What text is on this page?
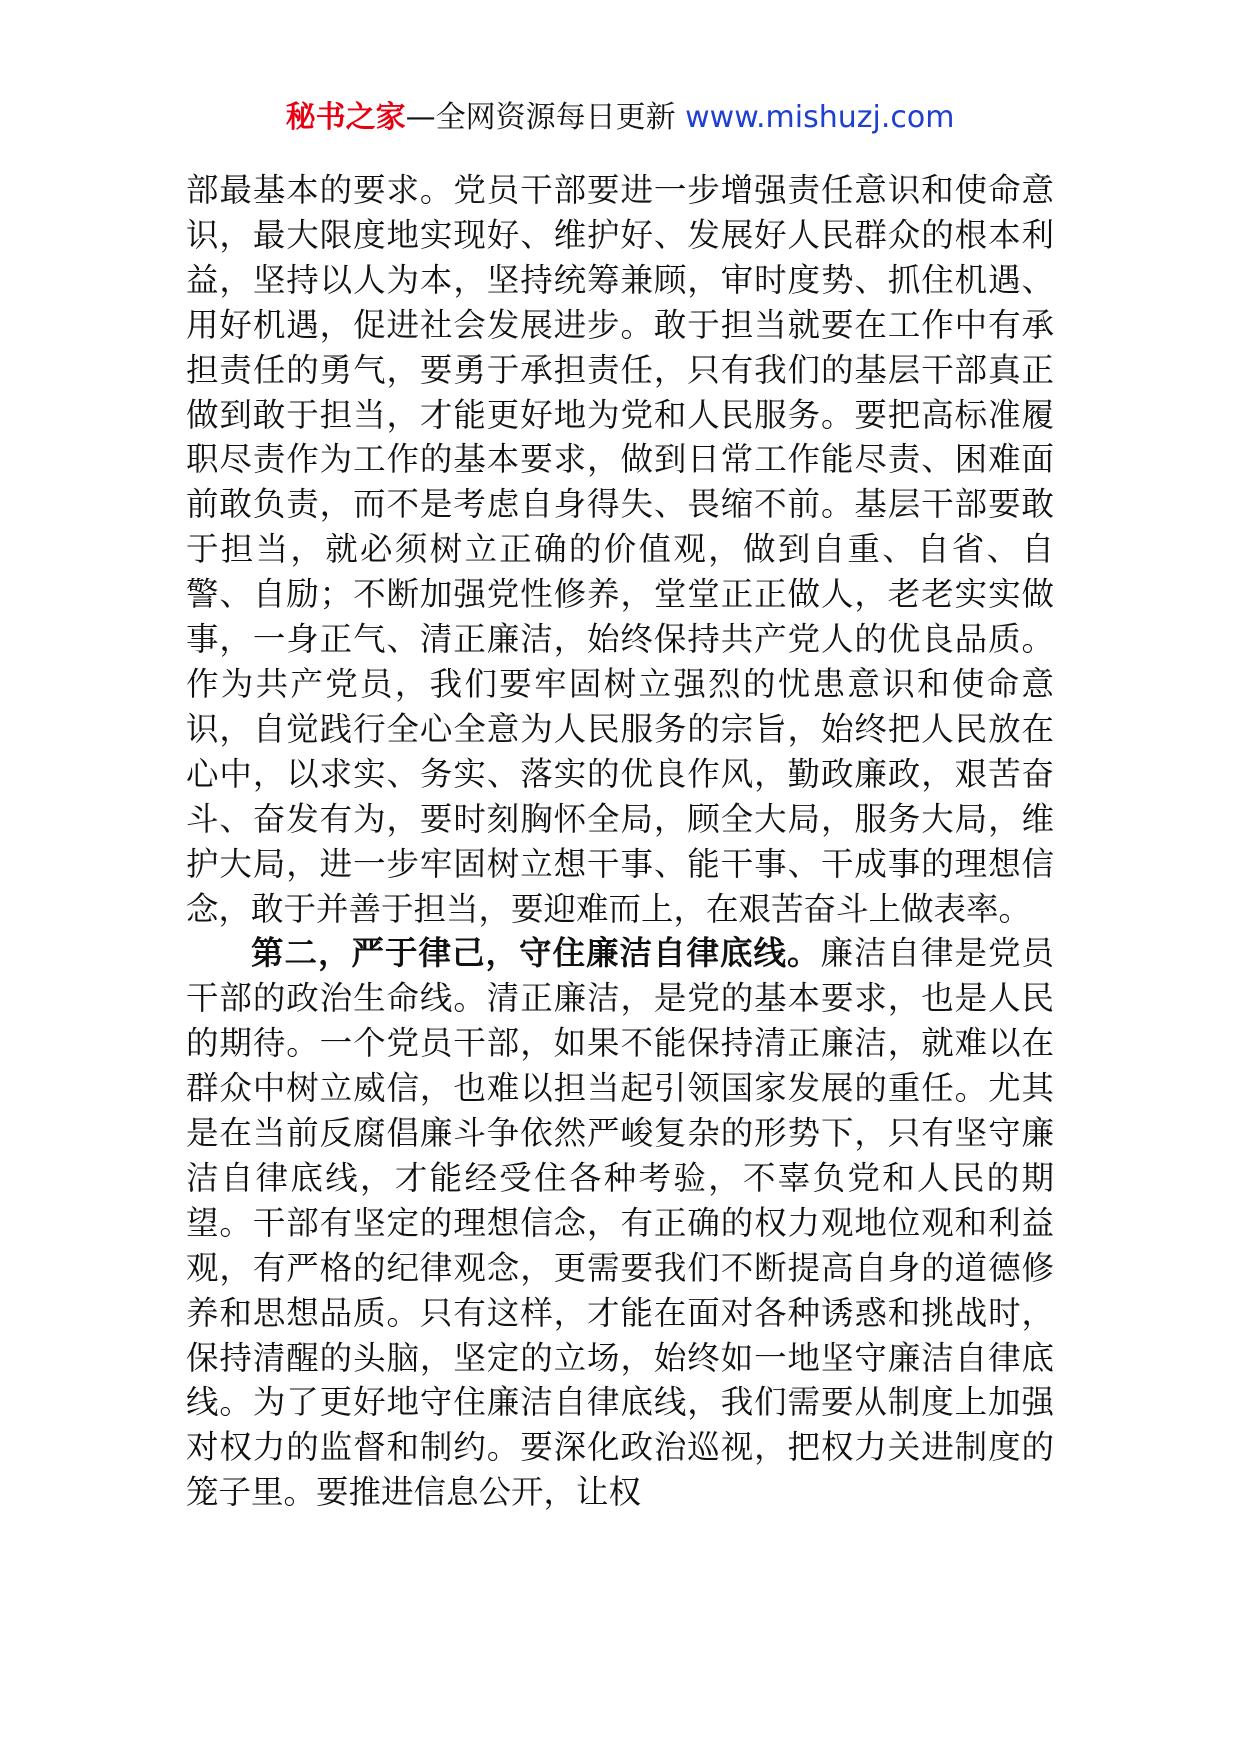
秘书之家—全网资源每日更新 www.mishuzj.com

部最基本的要求。党员干部要进一步增强责任意识和使命意识，最大限度地实现好、维护好、发展好人民群众的根本利益，坚持以人为本，坚持统筹兼顾，审时度势、抓住机遇、用好机遇，促进社会发展进步。敢于担当就要在工作中有承担责任的勇气，要勇于承担责任，只有我们的基层干部真正做到敢于担当，才能更好地为党和人民服务。要把高标准履职尽责作为工作的基本要求，做到日常工作能尽责、困难面前敢负责，而不是考虑自身得失、畏缩不前。基层干部要敢于担当，就必须树立正确的价值观，做到自重、自省、自警、自励；不断加强党性修养，堂堂正正做人，老老实实做事，一身正气、清正廉洁，始终保持共产党人的优良品质。作为共产党员，我们要牢固树立强烈的忧患意识和使命意识，自觉践行全心全意为人民服务的宗旨，始终把人民放在心中，以求实、务实、落实的优良作风，勤政廉政，艰苦奋斗、奋发有为，要时刻胸怀全局，顾全大局，服务大局，维护大局，进一步牢固树立想干事、能干事、干成事的理想信念，敢于并善于担当，要迎难而上，在艰苦奋斗上做表率。

第二，严于律己，守住廉洁自律底线。廉洁自律是党员干部的政治生命线。清正廉洁，是党的基本要求，也是人民的期待。一个党员干部，如果不能保持清正廉洁，就难以在群众中树立威信，也难以担当起引领国家发展的重任。尤其是在当前反腐倡廉斗争依然严峻复杂的形势下，只有坚守廉洁自律底线，才能经受住各种考验，不辜负党和人民的期望。干部有坚定的理想信念，有正确的权力观地位观和利益观，有严格的纪律观念，更需要我们不断提高自身的道德修养和思想品质。只有这样，才能在面对各种诱惑和挑战时，保持清醒的头脑，坚定的立场，始终如一地坚守廉洁自律底线。为了更好地守住廉洁自律底线，我们需要从制度上加强对权力的监督和制约。要深化政治巡视，把权力关进制度的笼子里。要推进信息公开，让权
